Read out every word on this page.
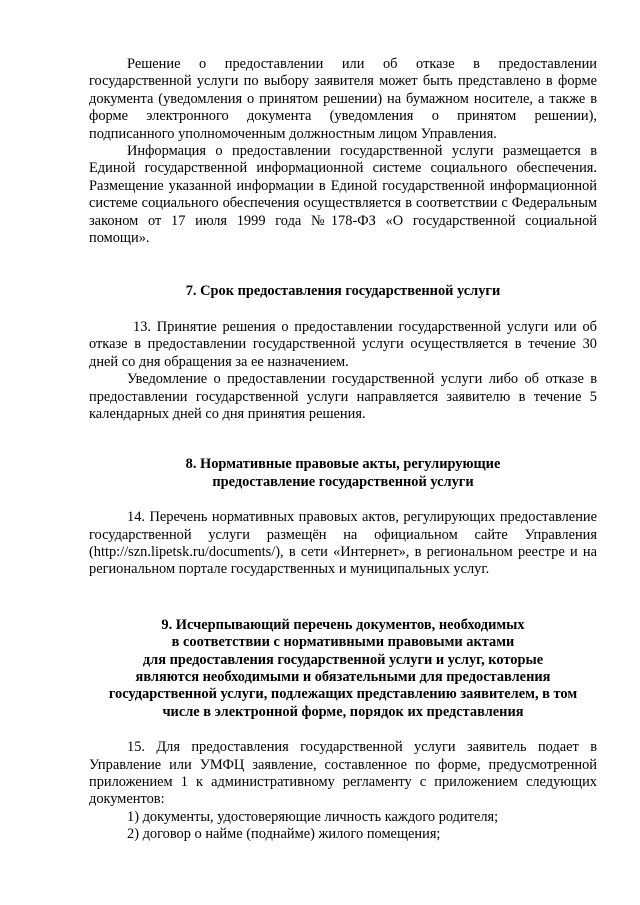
Решение о предоставлении или об отказе в предоставлении государственной услуги по выбору заявителя может быть представлено в форме документа (уведомления о принятом решении) на бумажном носителе, а также в форме электронного документа (уведомления о принятом решении), подписанного уполномоченным должностным лицом Управления.

Информация о предоставлении государственной услуги размещается в Единой государственной информационной системе социального обеспечения. Размещение указанной информации в Единой государственной информационной системе социального обеспечения осуществляется в соответствии с Федеральным законом от 17 июля 1999 года №178-ФЗ «О государственной социальной помощи».

7. Срок предоставления государственной услуги

13. Принятие решения о предоставлении государственной услуги или об отказе в предоставлении государственной услуги осуществляется в течение 30 дней со дня обращения за ее назначением.

Уведомление о предоставлении государственной услуги либо об отказе в предоставлении государственной услуги направляется заявителю в течение 5 календарных дней со дня принятия решения.

8. Нормативные правовые акты, регулирующие
предоставление государственной услуги

14. Перечень нормативных правовых актов, регулирующих предоставление государственной услуги размещён на официальном сайте Управления (http://szn.lipetsk.ru/documents/), в сети «Интернет», в региональном реестре и на региональном портале государственных и муниципальных услуг.

9. Исчерпывающий перечень документов, необходимых
в соответствии с нормативными правовыми актами
для предоставления государственной услуги и услуг, которые
являются необходимыми и обязательными для предоставления
государственной услуги, подлежащих представлению заявителем, в том
числе в электронной форме, порядок их представления

15. Для предоставления государственной услуги заявитель подает в Управление или УМФЦ заявление, составленное по форме, предусмотренной приложением 1 к административному регламенту с приложением следующих документов:

1) документы, удостоверяющие личность каждого родителя;

2) договор о найме (поднайме) жилого помещения;
